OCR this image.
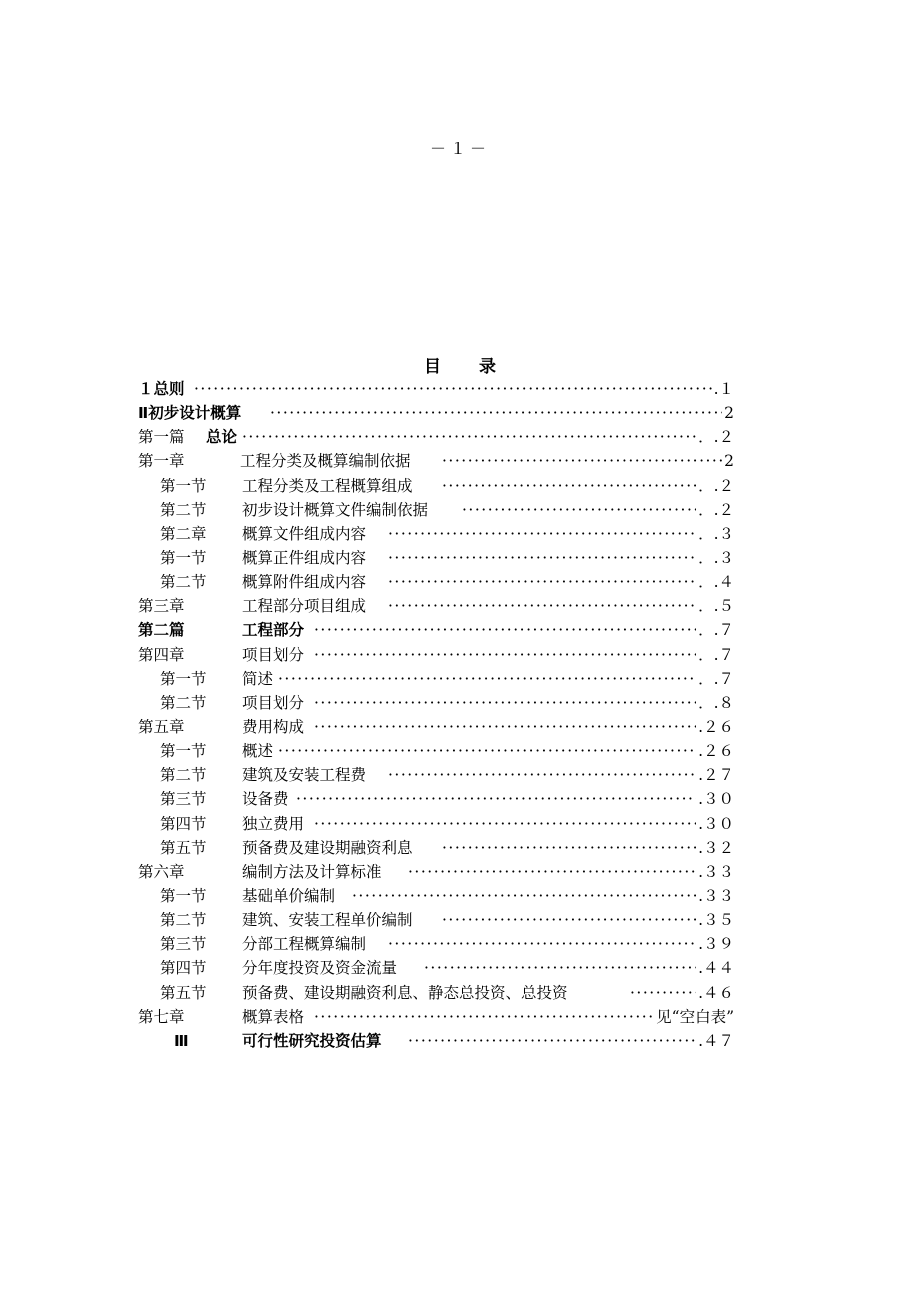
－１－
目 录
１总则	.１
·····
Ⅱ初步设计概算	2
·····
第一篇 总论	．.２
·····
第一章	工程分类及概算编制依据	2
·····
第一节 工程分类及工程概算组成	．.２
·····
第二节 初步设计概算文件编制依据	．.２
·····
第二章 概算文件组成内容	．.３
·····
第一节 概算正件组成内容	．.３
·····
第二节 概算附件组成内容	．.４
·····
第三章	工程部分项目组成	．.５
·····
第二篇	工程部分	．.７
·····
第四章	项目划分	．.７
·····
第一节 简述	．.７
·····
第二节 项目划分	．.８
·····
第五章	费用构成	.２６
·····
第一节 概述	.２６
·····
第二节 建筑及安装工程费	.２７
·····
第三节 设备费	.３０
·····
第四节 独立费用	.３０
·····
第五节 预备费及建设期融资利息	.３２
·····
第六章	编制方法及计算标准	.３３
·····
第一节 基础单价编制	.３３
·····
第二节 建筑、安装工程单价编制	.３５
·····
第三节 分部工程概算编制	.３９
·····
第四节 分年度投资及资金流量	.４４
·····
第五节 预备费、建设期融资利息、静态总投资、总投资	.４６
·····
第七章	概算表格	见“空白表”
·····
Ⅲ	可行性研究投资估算	.４７
·····
